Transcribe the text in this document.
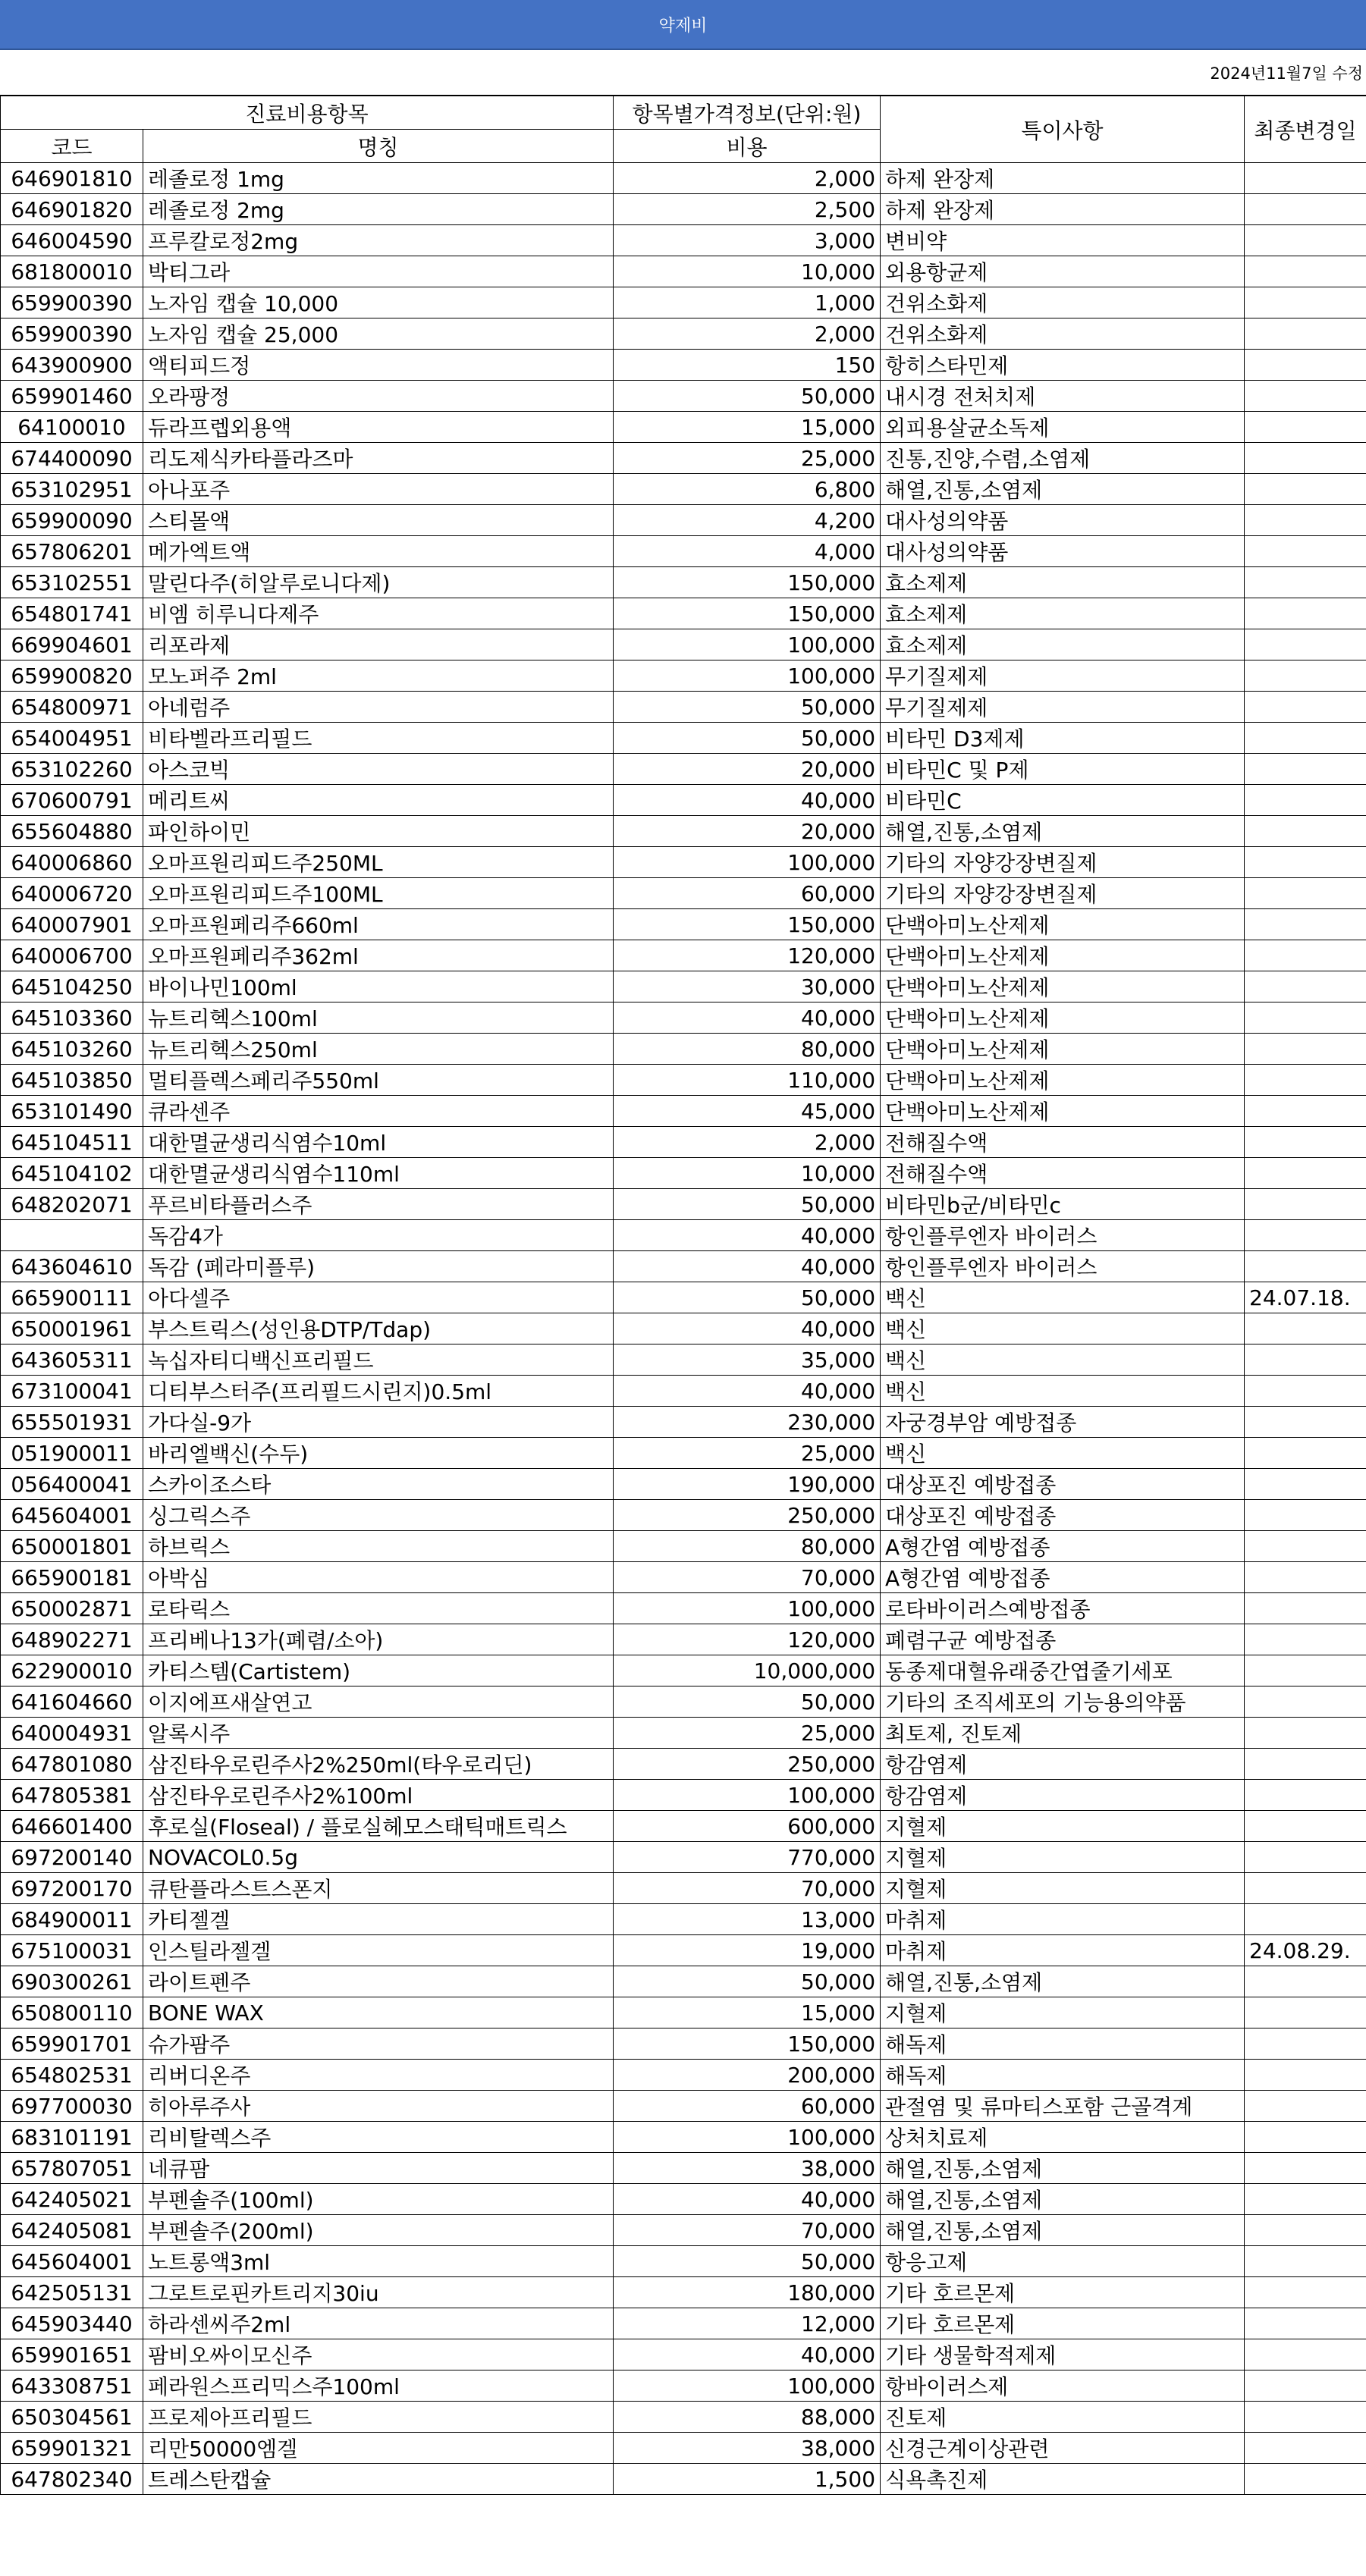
약제비
2024년11월7일 수정
진료비용항목		항목별가격정보(단위:원)	특이사항	최종변경일
코드	명칭	비용		
646901810	레졸로정 1mg	2,000	하제 완장제	
646901820	레졸로정 2mg	2,500	하제 완장제	
646004590	프루칼로정2mg	3,000	변비약	
681800010	박티그라	10,000	외용항균제	
659900390	노자임 캡슐 10,000	1,000	건위소화제	
659900390	노자임 캡슐 25,000	2,000	건위소화제	
643900900	액티피드정	150	항히스타민제	
659901460	오라팡정	50,000	내시경 전처치제	
64100010	듀라프렙외용액	15,000	외피용살균소독제	
674400090	리도제식카타플라즈마	25,000	진통,진양,수렴,소염제	
653102951	아나포주	6,800	해열,진통,소염제	
659900090	스티몰액	4,200	대사성의약품	
657806201	메가엑트액	4,000	대사성의약품	
653102551	말린다주(히알루로니다제)	150,000	효소제제	
654801741	비엠 히루니다제주	150,000	효소제제	
669904601	리포라제	100,000	효소제제	
659900820	모노퍼주 2ml	100,000	무기질제제	
654800971	아네럼주	50,000	무기질제제	
654004951	비타벨라프리필드	50,000	비타민 D3제제	
653102260	아스코빅	20,000	비타민C 및 P제	
670600791	메리트씨	40,000	비타민C	
655604880	파인하이민	20,000	해열,진통,소염제	
640006860	오마프원리피드주250ML	100,000	기타의 자양강장변질제	
640006720	오마프원리피드주100ML	60,000	기타의 자양강장변질제	
640007901	오마프원페리주660ml	150,000	단백아미노산제제	
640006700	오마프원페리주362ml	120,000	단백아미노산제제	
645104250	바이나민100ml	30,000	단백아미노산제제	
645103360	뉴트리헥스100ml	40,000	단백아미노산제제	
645103260	뉴트리헥스250ml	80,000	단백아미노산제제	
645103850	멀티플렉스페리주550ml	110,000	단백아미노산제제	
653101490	큐라센주	45,000	단백아미노산제제	
645104511	대한멸균생리식염수10ml	2,000	전해질수액	
645104102	대한멸균생리식염수110ml	10,000	전해질수액	
648202071	푸르비타플러스주	50,000	비타민b군/비타민c	
	독감4가	40,000	항인플루엔자 바이러스	
643604610	독감 (페라미플루)	40,000	항인플루엔자 바이러스	
665900111	아다셀주	50,000	백신	24.07.18.
650001961	부스트릭스(성인용DTP/Tdap)	40,000	백신	
643605311	녹십자티디백신프리필드	35,000	백신	
673100041	디티부스터주(프리필드시린지)0.5ml	40,000	백신	
655501931	가다실-9가	230,000	자궁경부암 예방접종	
051900011	바리엘백신(수두)	25,000	백신	
056400041	스카이조스타	190,000	대상포진 예방접종	
645604001	싱그릭스주	250,000	대상포진 예방접종	
650001801	하브릭스	80,000	A형간염 예방접종	
665900181	아박심	70,000	A형간염 예방접종	
650002871	로타릭스	100,000	로타바이러스예방접종	
648902271	프리베나13가(폐렴/소아)	120,000	폐렴구균 예방접종	
622900010	카티스템(Cartistem)	10,000,000	동종제대혈유래중간엽줄기세포	
641604660	이지에프새살연고	50,000	기타의 조직세포의 기능용의약품	
640004931	알록시주	25,000	최토제, 진토제	
647801080	삼진타우로린주사2%250ml(타우로리딘)	250,000	항감염제	
647805381	삼진타우로린주사2%100ml	100,000	항감염제	
646601400	후로실(Floseal) / 플로실헤모스태틱매트릭스	600,000	지혈제	
697200140	NOVACOL0.5g	770,000	지혈제	
697200170	큐탄플라스트스폰지	70,000	지혈제	
684900011	카티젤겔	13,000	마취제	
675100031	인스틸라젤겔	19,000	마취제	24.08.29.
690300261	라이트펜주	50,000	해열,진통,소염제	
650800110	BONE WAX	15,000	지혈제	
659901701	슈가팜주	150,000	해독제	
654802531	리버디온주	200,000	해독제	
697700030	히아루주사	60,000	관절염 및 류마티스포함 근골격계	
683101191	리비탈렉스주	100,000	상처치료제	
657807051	네큐팜	38,000	해열,진통,소염제	
642405021	부펜솔주(100ml)	40,000	해열,진통,소염제	
642405081	부펜솔주(200ml)	70,000	해열,진통,소염제	
645604001	노트롱액3ml	50,000	항응고제	
642505131	그로트로핀카트리지30iu	180,000	기타 호르몬제	
645903440	하라센씨주2ml	12,000	기타 호르몬제	
659901651	팜비오싸이모신주	40,000	기타 생물학적제제	
643308751	페라원스프리믹스주100ml	100,000	항바이러스제	
650304561	프로제아프리필드	88,000	진토제	
659901321	리만50000엠겔	38,000	신경근계이상관련	
647802340	트레스탄캡슐	1,500	식욕촉진제	
